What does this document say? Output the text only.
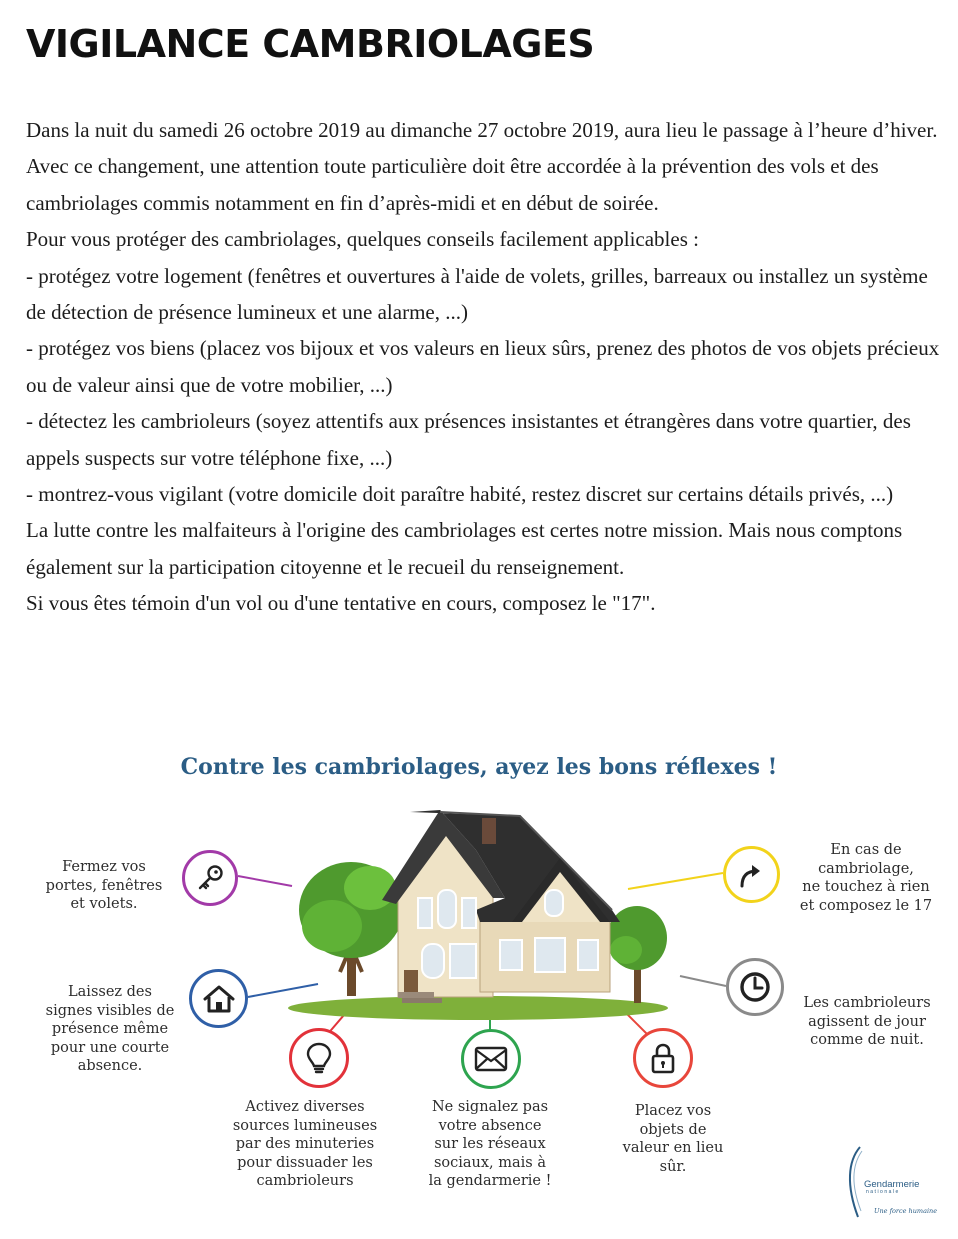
VIGILANCE CAMBRIOLAGES

Dans la nuit du samedi 26 octobre 2019 au dimanche 27 octobre 2019, aura lieu le passage à l’heure d’hiver. Avec ce changement, une attention toute particulière doit être accordée à la prévention des vols et des cambriolages commis notamment en fin d’après-midi et en début de soirée.

Pour vous protéger des cambriolages, quelques conseils facilement applicables :

- protégez votre logement (fenêtres et ouvertures à l'aide de volets, grilles, barreaux ou installez un système de détection de présence lumineux et une alarme, ...)

- protégez vos biens (placez vos bijoux et vos valeurs en lieux sûrs, prenez des photos de vos objets précieux ou de valeur ainsi que de votre mobilier, ...)

- détectez les cambrioleurs (soyez attentifs aux présences insistantes et étrangères dans votre quartier, des appels suspects sur votre téléphone fixe, ...)

- montrez-vous vigilant (votre domicile doit paraître habité, restez discret sur certains détails privés, ...)

La lutte contre les malfaiteurs à l'origine des cambriolages est certes notre mission. Mais nous comptons également sur la participation citoyenne et le recueil du renseignement.

Si vous êtes témoin d'un vol ou d'une tentative en cours, composez le "17".

Contre les cambriolages, ayez les bons réflexes !
Fermez vos
portes, fenêtres
et volets.
Laissez des
signes visibles de
présence même
pour une courte
absence.
Activez diverses
sources lumineuses
par des minuteries
pour dissuader les
cambrioleurs
Ne signalez pas
votre absence
sur les réseaux
sociaux, mais à
la gendarmerie !
Placez vos
objets de
valeur en lieu
sûr.
En cas de
cambriolage,
ne touchez à rien
et composez le 17
Les cambrioleurs
agissent de jour
comme de nuit.
Gendarmerie
nationale
Une force humaine
